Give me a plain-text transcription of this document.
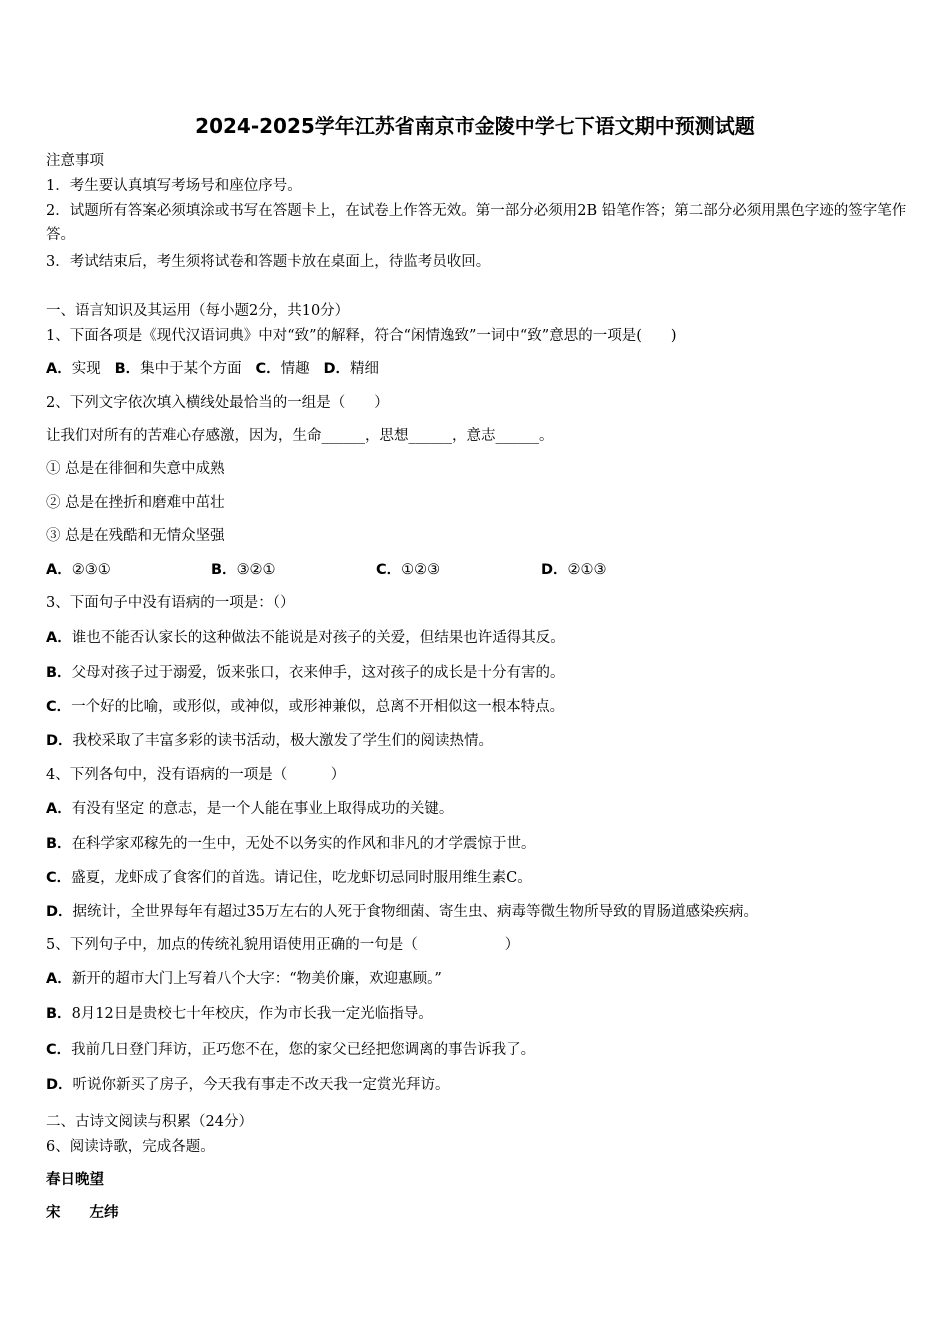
2024-2025学年江苏省南京市金陵中学七下语文期中预测试题
注意事项
1．考生要认真填写考场号和座位序号。
2．试题所有答案必须填涂或书写在答题卡上，在试卷上作答无效。第一部分必须用2B 铅笔作答；第二部分必须用黑色字迹的签字笔作答。
3．考试结束后，考生须将试卷和答题卡放在桌面上，待监考员收回。
一、语言知识及其运用（每小题2分，共10分）
1、下面各项是《现代汉语词典》中对“致”的解释，符合“闲情逸致”一词中“致”意思的一项是(　　)
A．实现 B．集中于某个方面 C．情趣 D．精细
2、下列文字依次填入横线处最恰当的一组是（　　）
让我们对所有的苦难心存感激，因为，生命______，思想______，意志______。
① 总是在徘徊和失意中成熟
② 总是在挫折和磨难中茁壮
③ 总是在残酷和无情众坚强
A．②③①	B．③②①	C．①②③	D．②①③
3、下面句子中没有语病的一项是：（）
A．谁也不能否认家长的这种做法不能说是对孩子的关爱，但结果也许适得其反。
B．父母对孩子过于溺爱，饭来张口，衣来伸手，这对孩子的成长是十分有害的。
C．一个好的比喻，或形似，或神似，或形神兼似，总离不开相似这一根本特点。
D．我校采取了丰富多彩的读书活动，极大激发了学生们的阅读热情。
4、下列各句中，没有语病的一项是（　　　）
A．有没有坚定 的意志，是一个人能在事业上取得成功的关键。
B．在科学家邓稼先的一生中，无处不以务实的作风和非凡的才学震惊于世。
C．盛夏，龙虾成了食客们的首选。请记住，吃龙虾切忌同时服用维生素C。
D．据统计，全世界每年有超过35万左右的人死于食物细菌、寄生虫、病毒等微生物所导致的胃肠道感染疾病。
5、下列句子中，加点的传统礼貌用语使用正确的一句是（　　　　　　）
A．新开的超市大门上写着八个大字：“物美价廉，欢迎惠顾。”
B．8月12日是贵校七十年校庆，作为市长我一定光临指导。
C．我前几日登门拜访，正巧您不在，您的家父已经把您调离的事告诉我了。
D．听说你新买了房子，今天我有事走不改天我一定赏光拜访。
二、古诗文阅读与积累（24分）
6、阅读诗歌，完成各题。
春日晚望
宋　　左纬
